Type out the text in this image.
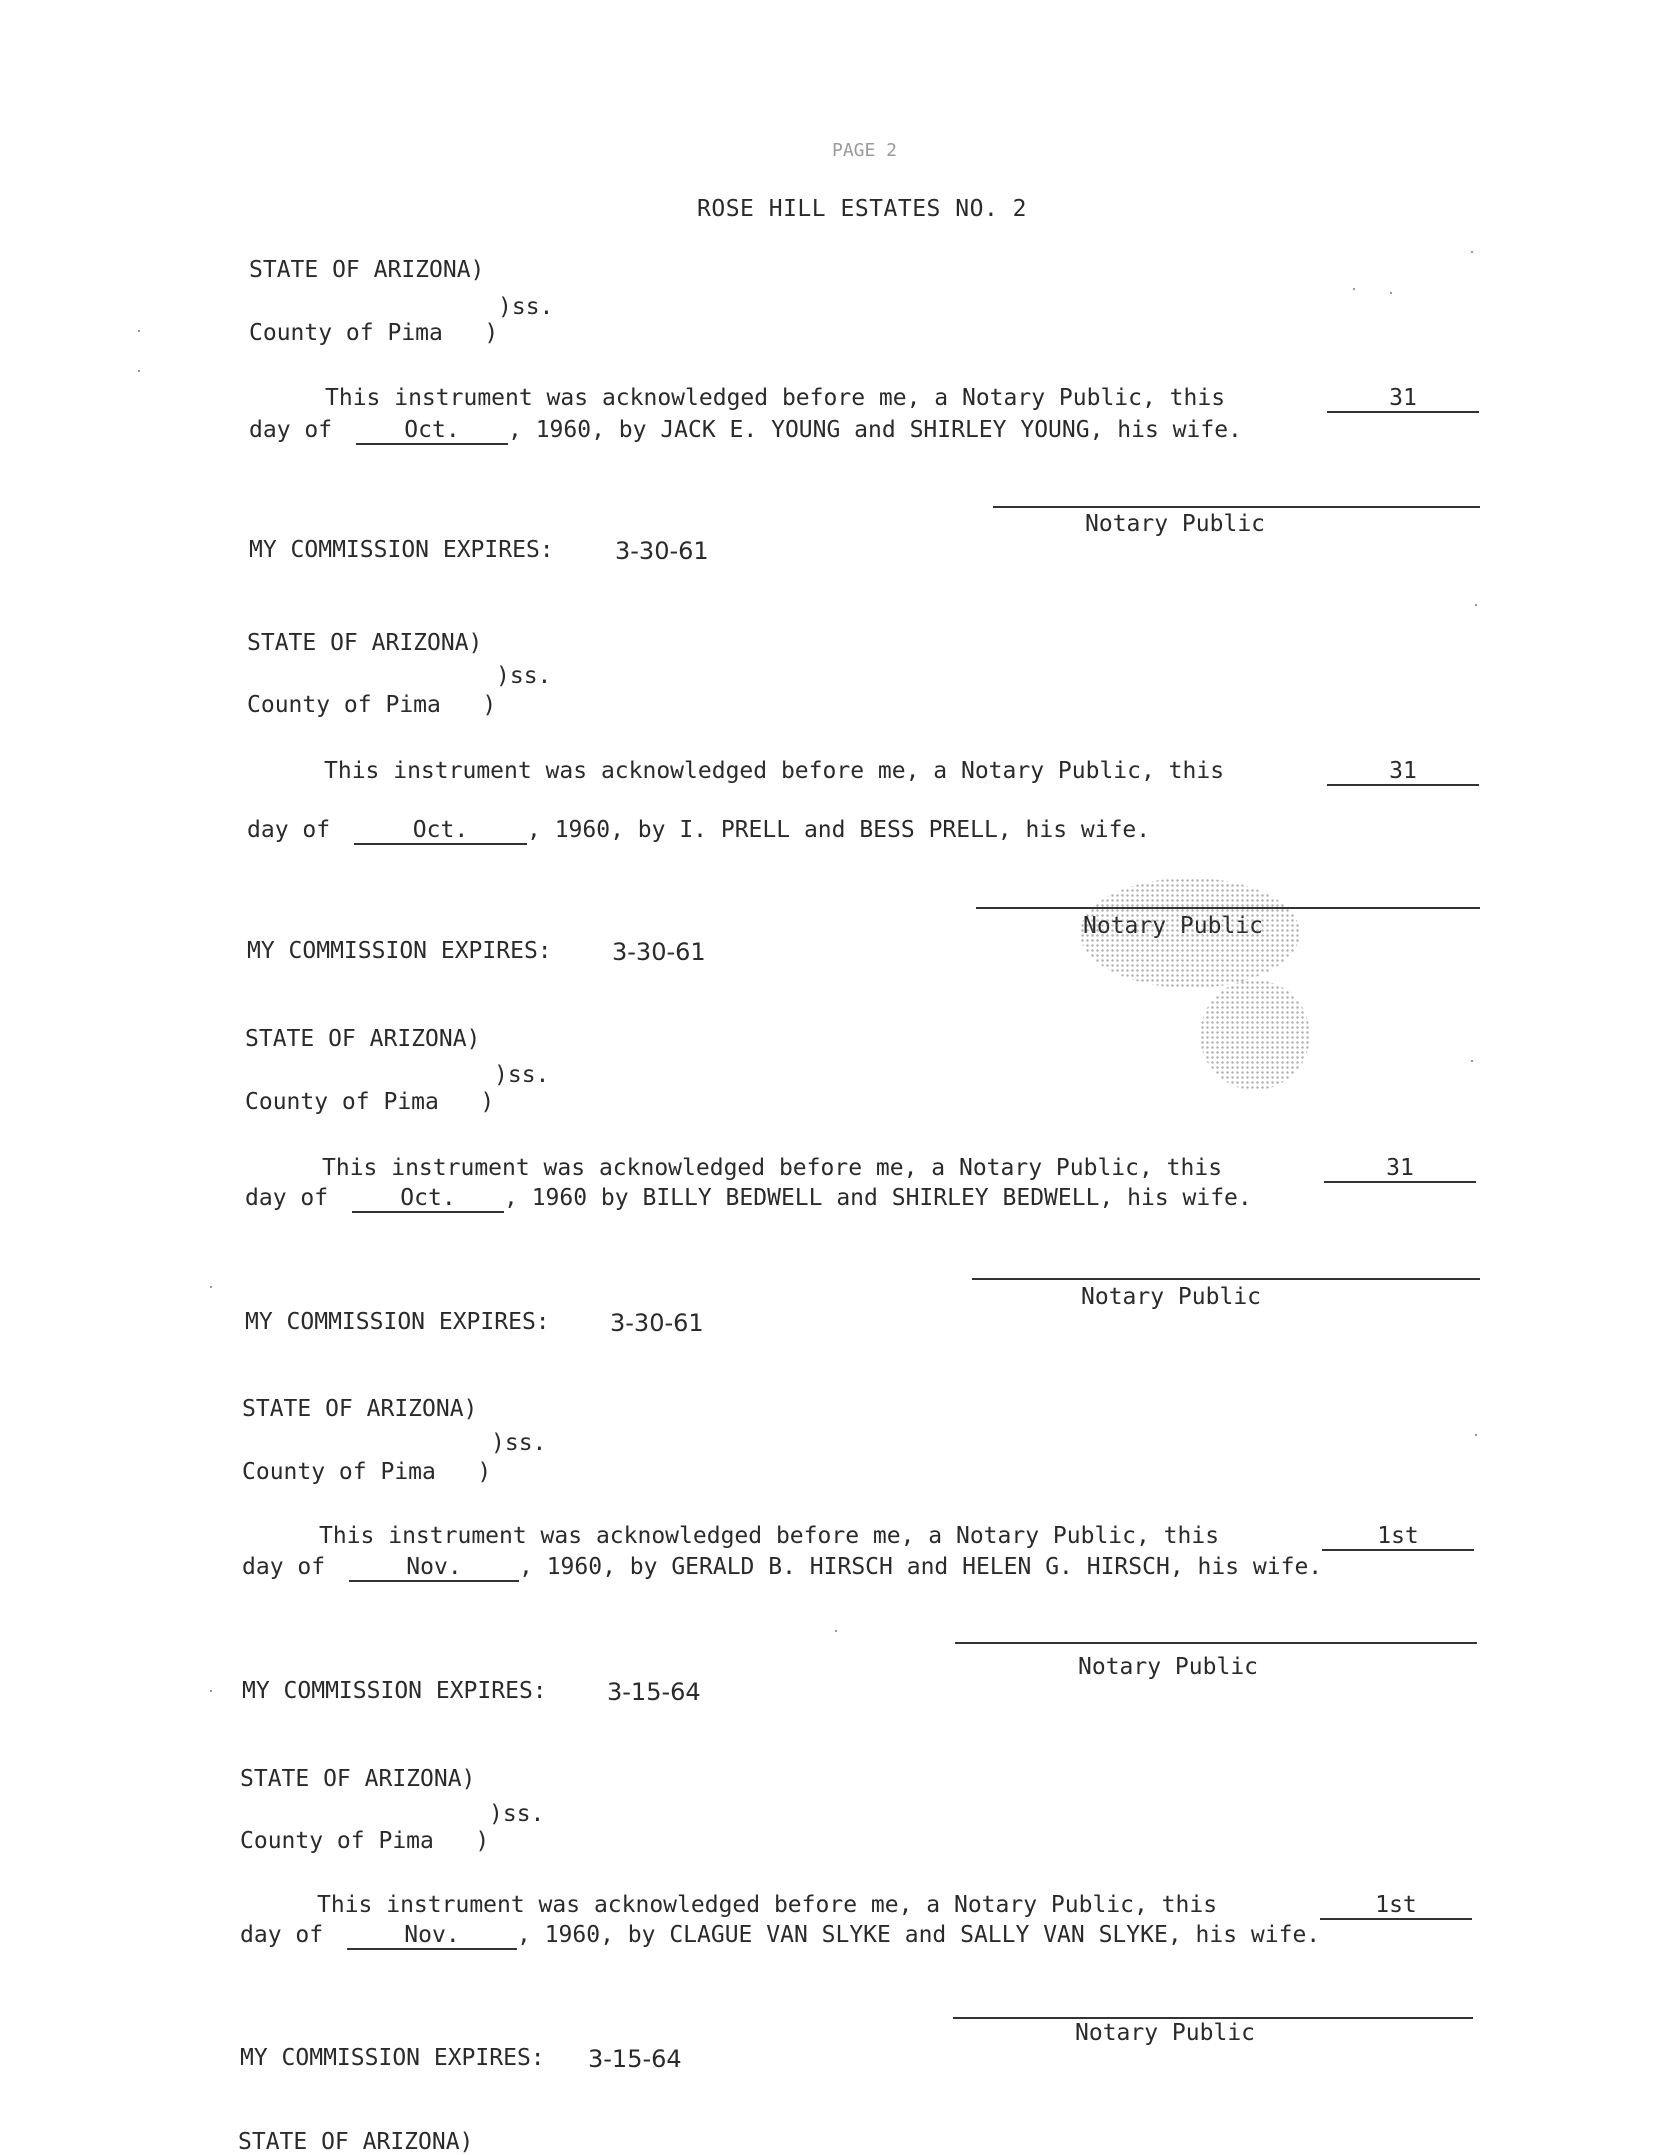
PAGE 2
ROSE HILL ESTATES NO. 2
STATE OF ARIZONA)
)ss.
County of Pima   )
This instrument was acknowledged before me, a Notary Public, this	31
day of	Oct.	, 1960, by JACK E. YOUNG and SHIRLEY YOUNG, his wife.
Notary Public
MY COMMISSION EXPIRES:	3-30-61
STATE OF ARIZONA)
)ss.
County of Pima   )
This instrument was acknowledged before me, a Notary Public, this	31
day of	Oct.	, 1960, by I. PRELL and BESS PRELL, his wife.
Notary Public
MY COMMISSION EXPIRES:	3-30-61
STATE OF ARIZONA)
)ss.
County of Pima   )
This instrument was acknowledged before me, a Notary Public, this	31
day of	Oct.	, 1960 by BILLY BEDWELL and SHIRLEY BEDWELL, his wife.
Notary Public
MY COMMISSION EXPIRES:	3-30-61
STATE OF ARIZONA)
)ss.
County of Pima   )
This instrument was acknowledged before me, a Notary Public, this	1st
day of	Nov.	, 1960, by GERALD B. HIRSCH and HELEN G. HIRSCH, his wife.
Notary Public
MY COMMISSION EXPIRES:	3-15-64
STATE OF ARIZONA)
)ss.
County of Pima   )
This instrument was acknowledged before me, a Notary Public, this	1st
day of	Nov.	, 1960, by CLAGUE VAN SLYKE and SALLY VAN SLYKE, his wife.
Notary Public
MY COMMISSION EXPIRES: 3-15-64
STATE OF ARIZONA)
